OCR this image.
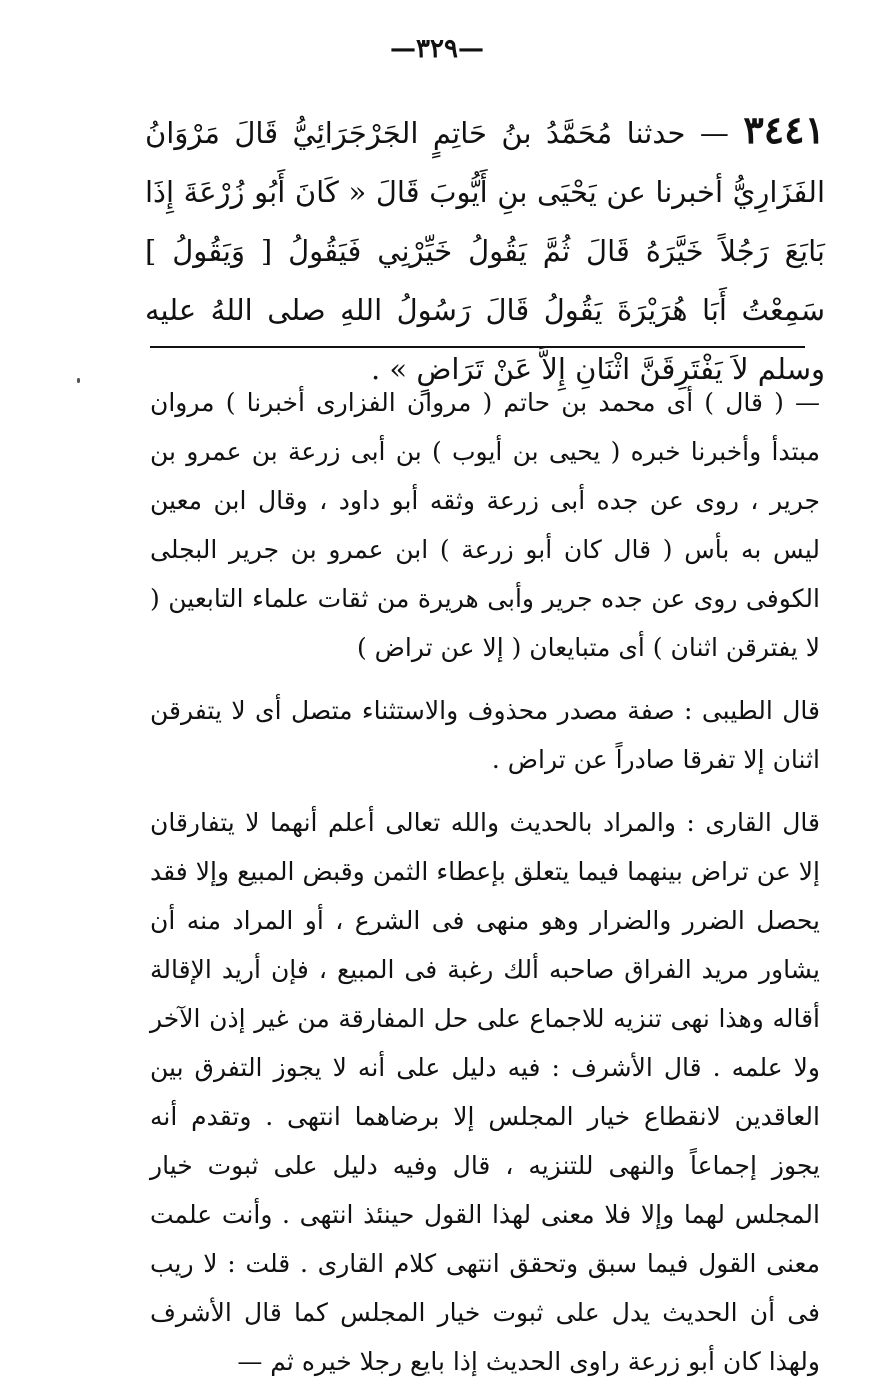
—٣٢٩—
٣٤٤١ — حدثنا مُحَمَّدُ بنُ حَاتِمٍ الجَرْجَرَائِيُّ قَالَ مَرْوَانُ الفَزَارِيُّ أخبرنا عن يَحْيَى بنِ أَيُّوبَ قَالَ « كَانَ أَبُو زُرْعَةَ إِذَا بَايَعَ رَجُلاً خَيَّرَهُ قَالَ ثُمَّ يَقُولُ خَيِّرْنِي فَيَقُولُ [ وَيَقُولُ ] سَمِعْتُ أَبَا هُرَيْرَةَ يَقُولُ قَالَ رَسُولُ اللهِ صلى اللهُ عليه وسلم لاَ يَفْتَرِقَنَّ اثْنَانِ إِلاَّ عَنْ تَرَاضٍ » .

— ( قال ) أى محمد بن حاتم ( مروان الفزارى أخبرنا ) مروان مبتدأ وأخبرنا خبره ( يحيى بن أيوب ) بن أبى زرعة بن عمرو بن جرير ، روى عن جده أبى زرعة وثقه أبو داود ، وقال ابن معين ليس به بأس ( قال كان أبو زرعة ) ابن عمرو بن جرير البجلى الكوفى روى عن جده جرير وأبى هريرة من ثقات علماء التابعين ( لا يفترقن اثنان ) أى متبايعان ( إلا عن تراض )

قال الطيبى : صفة مصدر محذوف والاستثناء متصل أى لا يتفرقن اثنان إلا تفرقا صادراً عن تراض .

قال القارى : والمراد بالحديث والله تعالى أعلم أنهما لا يتفارقان إلا عن تراض بينهما فيما يتعلق بإعطاء الثمن وقبض المبيع وإلا فقد يحصل الضرر والضرار وهو منهى فى الشرع ، أو المراد منه أن يشاور مريد الفراق صاحبه ألك رغبة فى المبيع ، فإن أريد الإقالة أقاله وهذا نهى تنزيه للاجماع على حل المفارقة من غير إذن الآخر ولا علمه . قال الأشرف : فيه دليل على أنه لا يجوز التفرق بين العاقدين لانقطاع خيار المجلس إلا برضاهما انتهى . وتقدم أنه يجوز إجماعاً والنهى للتنزيه ، قال وفيه دليل على ثبوت خيار المجلس لهما وإلا فلا معنى لهذا القول حينئذ انتهى . وأنت علمت معنى القول فيما سبق وتحقق انتهى كلام القارى . قلت : لا ريب فى أن الحديث يدل على ثبوت خيار المجلس كما قال الأشرف ولهذا كان أبو زرعة راوى الحديث إذا بايع رجلا خيره ثم —
